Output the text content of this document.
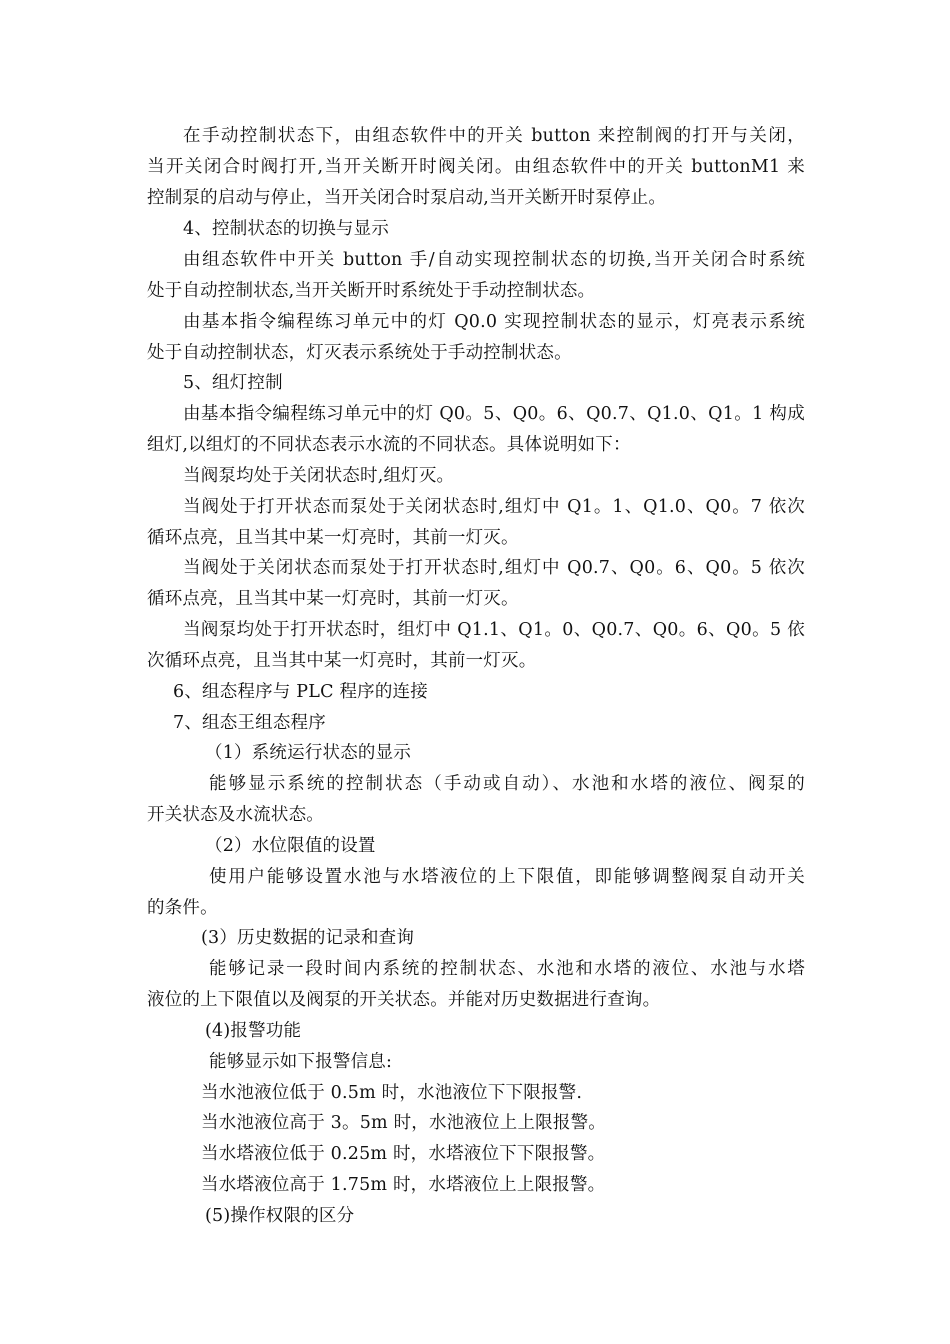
在手动控制状态下，由组态软件中的开关 button 来控制阀的打开与关闭，
当开关闭合时阀打开,当开关断开时阀关闭。由组态软件中的开关 buttonM1 来
控制泵的启动与停止，当开关闭合时泵启动,当开关断开时泵停止。
4、控制状态的切换与显示
由组态软件中开关 button 手/自动实现控制状态的切换,当开关闭合时系统
处于自动控制状态,当开关断开时系统处于手动控制状态。
由基本指令编程练习单元中的灯 Q0.0 实现控制状态的显示，灯亮表示系统
处于自动控制状态，灯灭表示系统处于手动控制状态。
5、组灯控制
由基本指令编程练习单元中的灯 Q0。5、Q0。6、Q0.7、Q1.0、Q1。1 构成
组灯,以组灯的不同状态表示水流的不同状态。具体说明如下：
当阀泵均处于关闭状态时,组灯灭。
当阀处于打开状态而泵处于关闭状态时,组灯中 Q1。1、Q1.0、Q0。7 依次
循环点亮，且当其中某一灯亮时，其前一灯灭。
当阀处于关闭状态而泵处于打开状态时,组灯中 Q0.7、Q0。6、Q0。5 依次
循环点亮，且当其中某一灯亮时，其前一灯灭。
当阀泵均处于打开状态时，组灯中 Q1.1、Q1。0、Q0.7、Q0。6、Q0。5 依
次循环点亮，且当其中某一灯亮时，其前一灯灭。
6、组态程序与 PLC 程序的连接
7、组态王组态程序
（1）系统运行状态的显示
能够显示系统的控制状态（手动或自动）、水池和水塔的液位、阀泵的
开关状态及水流状态。
（2）水位限值的设置
使用户能够设置水池与水塔液位的上下限值，即能够调整阀泵自动开关
的条件。
(3）历史数据的记录和查询
能够记录一段时间内系统的控制状态、水池和水塔的液位、水池与水塔
液位的上下限值以及阀泵的开关状态。并能对历史数据进行查询。
(4)报警功能
能够显示如下报警信息:
当水池液位低于 0.5m 时，水池液位下下限报警.
当水池液位高于 3。5m 时，水池液位上上限报警。
当水塔液位低于 0.25m 时，水塔液位下下限报警。
当水塔液位高于 1.75m 时，水塔液位上上限报警。
(5)操作权限的区分
